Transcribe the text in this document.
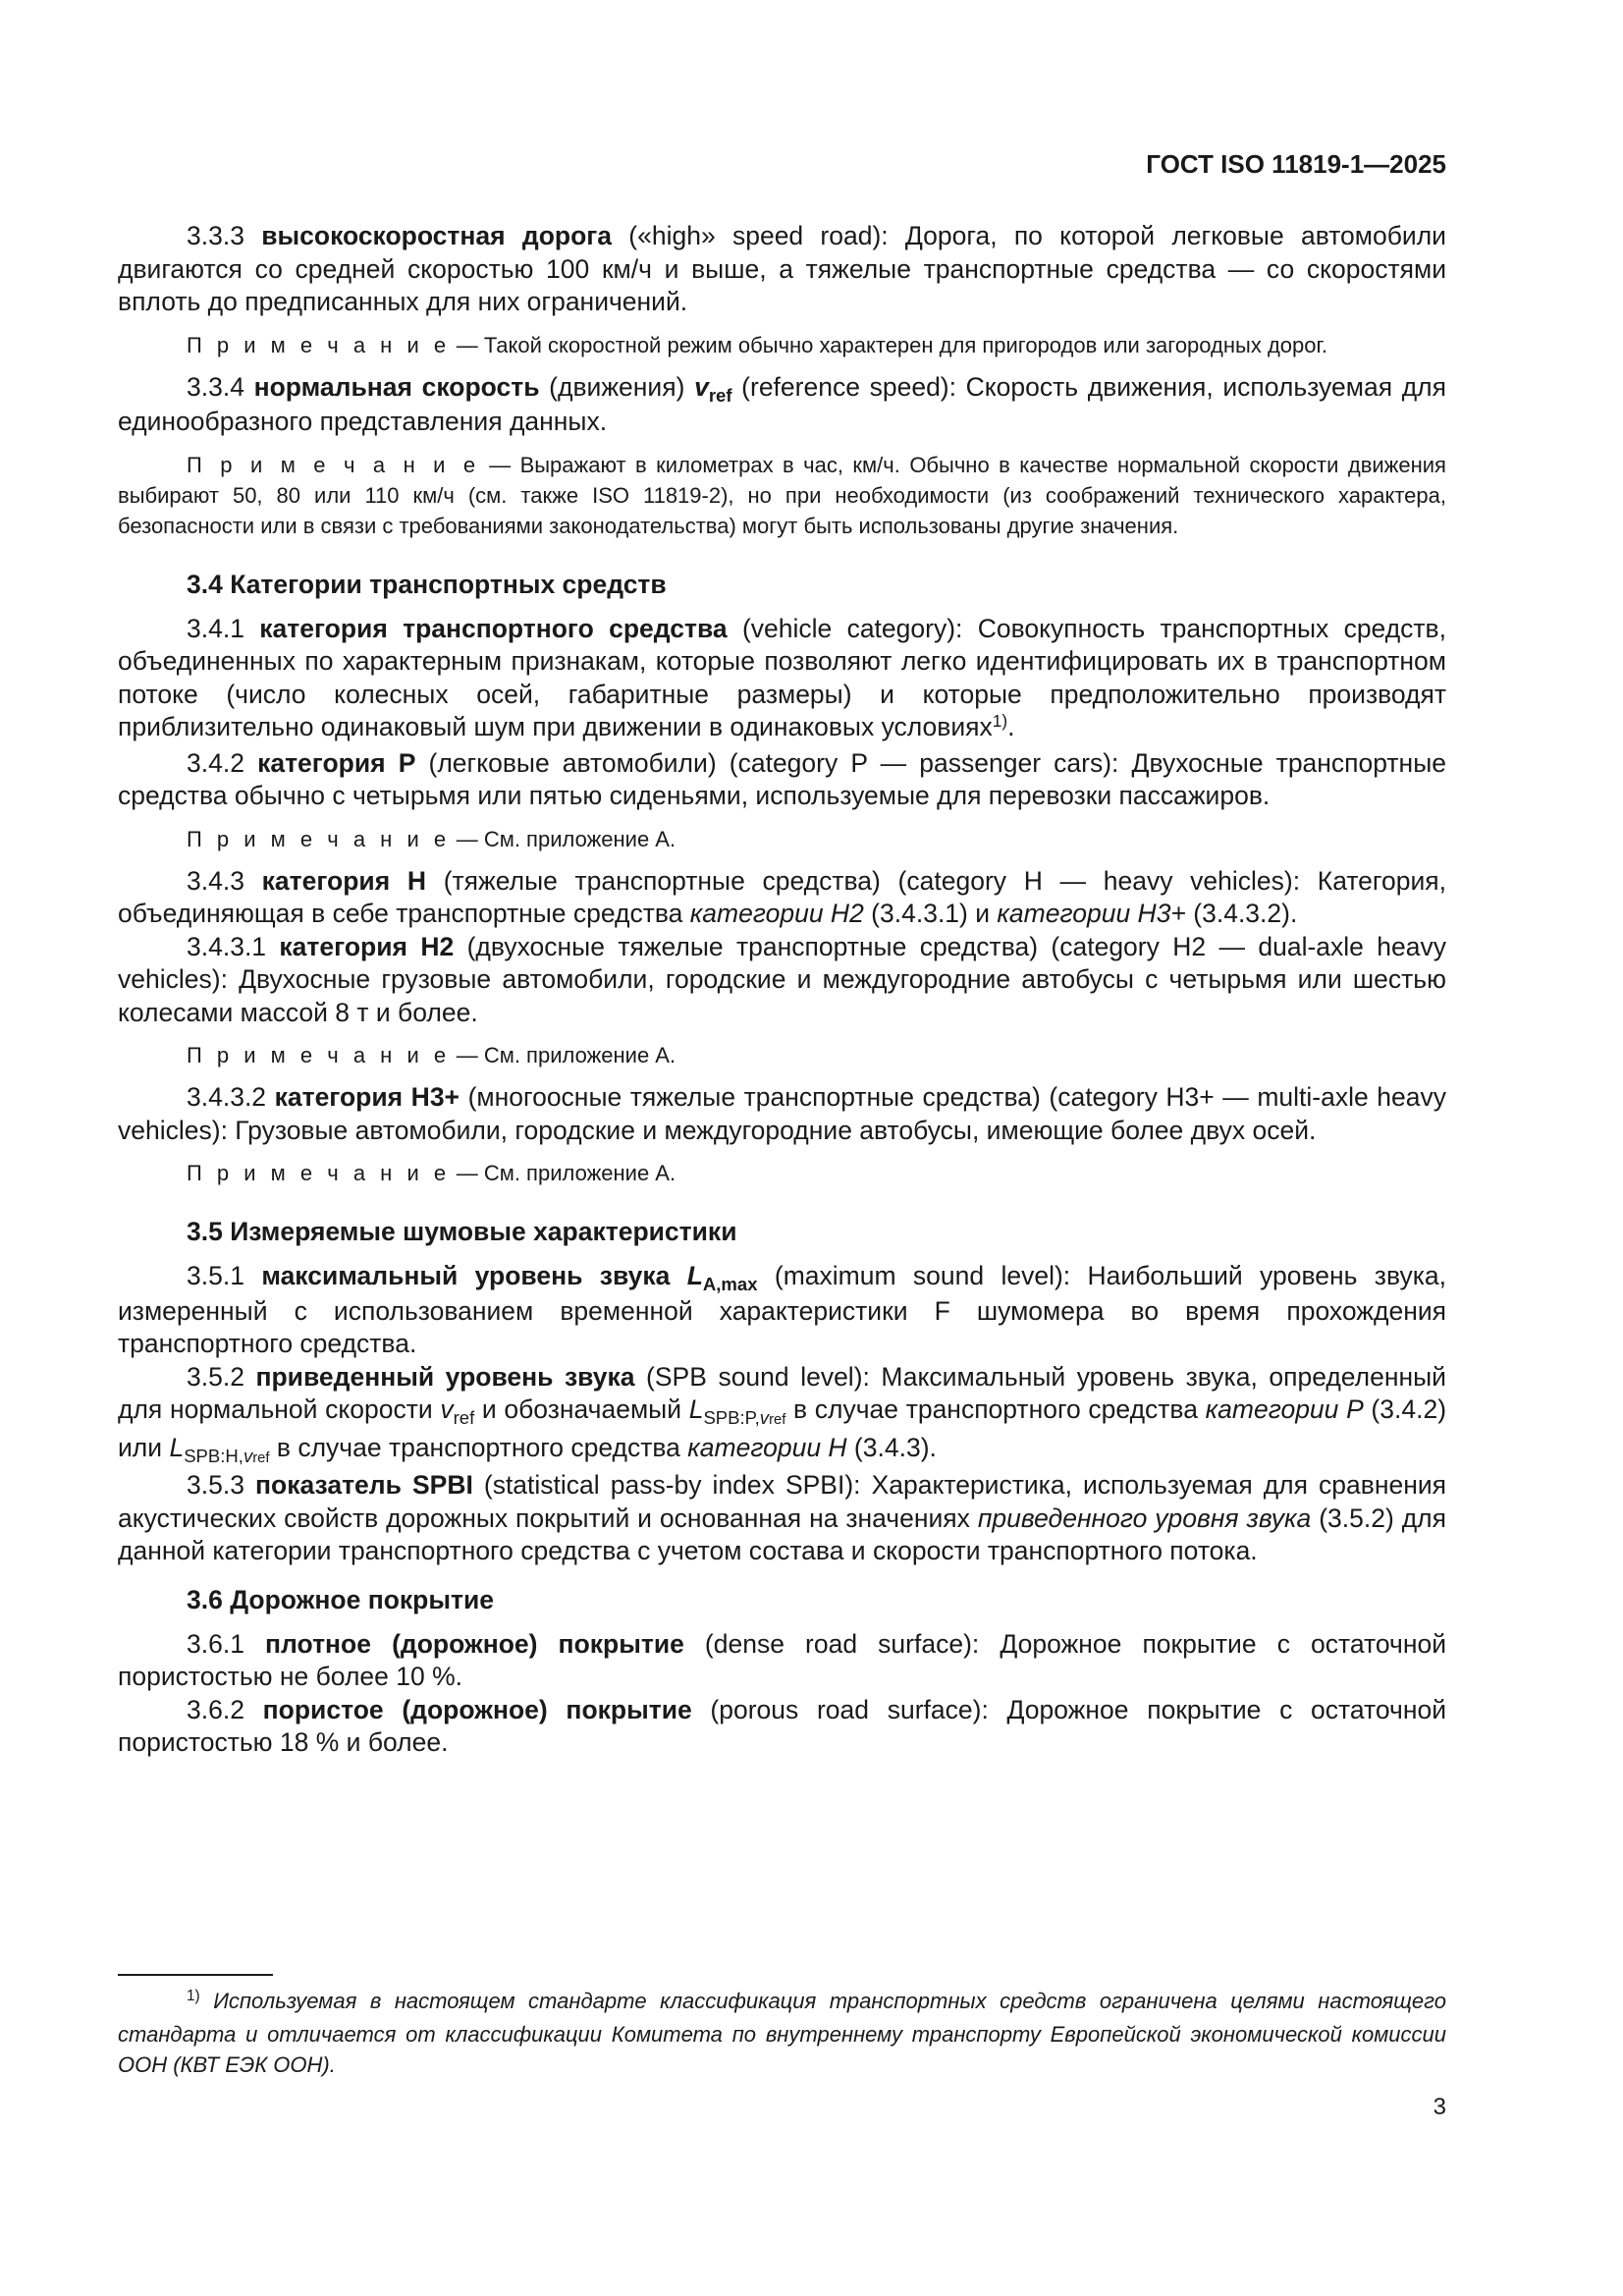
ГОСТ ISO 11819-1—2025

3.3.3 высокоскоростная дорога («high» speed road): Дорога, по которой легковые автомобили двигаются со средней скоростью 100 км/ч и выше, а тяжелые транспортные средства — со скоростями вплоть до предписанных для них ограничений.

П р и м е ч а н и е — Такой скоростной режим обычно характерен для пригородов или загородных дорог.

3.3.4 нормальная скорость (движения) $v_{ref}$ (reference speed): Скорость движения, используемая для единообразного представления данных.

П р и м е ч а н и е — Выражают в километрах в час, км/ч. Обычно в качестве нормальной скорости движения выбирают 50, 80 или 110 км/ч (см. также ISO 11819-2), но при необходимости (из соображений технического характера, безопасности или в связи с требованиями законодательства) могут быть использованы другие значения.

3.4 Категории транспортных средств

3.4.1 категория транспортного средства (vehicle category): Совокупность транспортных средств, объединенных по характерным признакам, которые позволяют легко идентифицировать их в транспортном потоке (число колесных осей, габаритные размеры) и которые предположительно производят приблизительно одинаковый шум при движении в одинаковых условиях$^{1)}$.

3.4.2 категория Р (легковые автомобили) (category P — passenger cars): Двухосные транспортные средства обычно с четырьмя или пятью сиденьями, используемые для перевозки пассажиров.

П р и м е ч а н и е — См. приложение А.

3.4.3 категория Н (тяжелые транспортные средства) (category H — heavy vehicles): Категория, объединяющая в себе транспортные средства категории Н2 (3.4.3.1) и категории Н3+ (3.4.3.2).

3.4.3.1 категория Н2 (двухосные тяжелые транспортные средства) (category H2 — dual-axle heavy vehicles): Двухосные грузовые автомобили, городские и междугородние автобусы с четырьмя или шестью колесами массой 8 т и более.

П р и м е ч а н и е — См. приложение А.

3.4.3.2 категория Н3+ (многоосные тяжелые транспортные средства) (category H3+ — multi-axle heavy vehicles): Грузовые автомобили, городские и междугородние автобусы, имеющие более двух осей.

П р и м е ч а н и е — См. приложение А.

3.5 Измеряемые шумовые характеристики

3.5.1 максимальный уровень звука $L_{A,max}$ (maximum sound level): Наибольший уровень звука, измеренный с использованием временной характеристики F шумомера во время прохождения транспортного средства.

3.5.2 приведенный уровень звука (SPB sound level): Максимальный уровень звука, определенный для нормальной скорости $v_{ref}$ и обозначаемый $L_{SPB:P,vref}$ в случае транспортного средства категории Р (3.4.2) или $L_{SPB:H,vref}$ в случае транспортного средства категории Н (3.4.3).

3.5.3 показатель SPBI (statistical pass-by index SPBI): Характеристика, используемая для сравнения акустических свойств дорожных покрытий и основанная на значениях приведенного уровня звука (3.5.2) для данной категории транспортного средства с учетом состава и скорости транспортного потока.

3.6 Дорожное покрытие

3.6.1 плотное (дорожное) покрытие (dense road surface): Дорожное покрытие с остаточной пористостью не более 10 %.

3.6.2 пористое (дорожное) покрытие (porous road surface): Дорожное покрытие с остаточной пористостью 18 % и более.

$^{1)}$ Используемая в настоящем стандарте классификация транспортных средств ограничена целями настоящего стандарта и отличается от классификации Комитета по внутреннему транспорту Европейской экономической комиссии ООН (КВТ ЕЭК ООН).

3
